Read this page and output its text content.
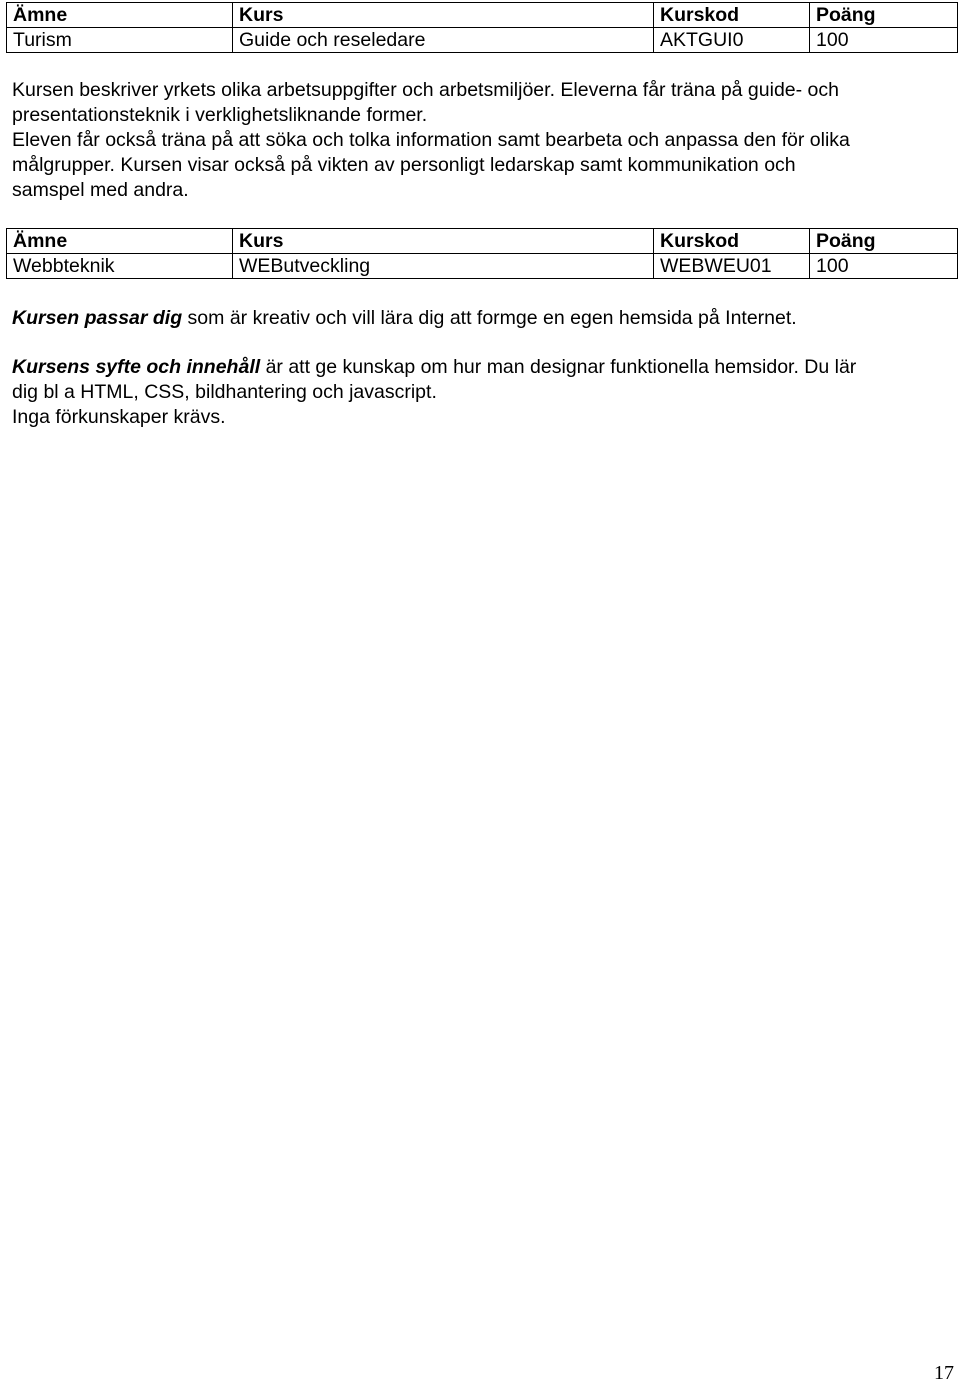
Ämne	Kurs	Kurskod	Poäng
Turism	Guide och reseledare	AKTGUI0	100

Kursen beskriver yrkets olika arbetsuppgifter och arbetsmiljöer. Eleverna får träna på guide- och
presentationsteknik i verklighetsliknande former.
Eleven får också träna på att söka och tolka information samt bearbeta och anpassa den för olika
målgrupper. Kursen visar också på vikten av personligt ledarskap samt kommunikation och
samspel med andra.

Ämne	Kurs	Kurskod	Poäng
Webbteknik	WEButveckling	WEBWEU01	100

Kursen passar dig som är kreativ och vill lära dig att formge en egen hemsida på Internet.

Kursens syfte och innehåll är att ge kunskap om hur man designar funktionella hemsidor. Du lär
dig bl a HTML, CSS, bildhantering och javascript.
Inga förkunskaper krävs.

17
